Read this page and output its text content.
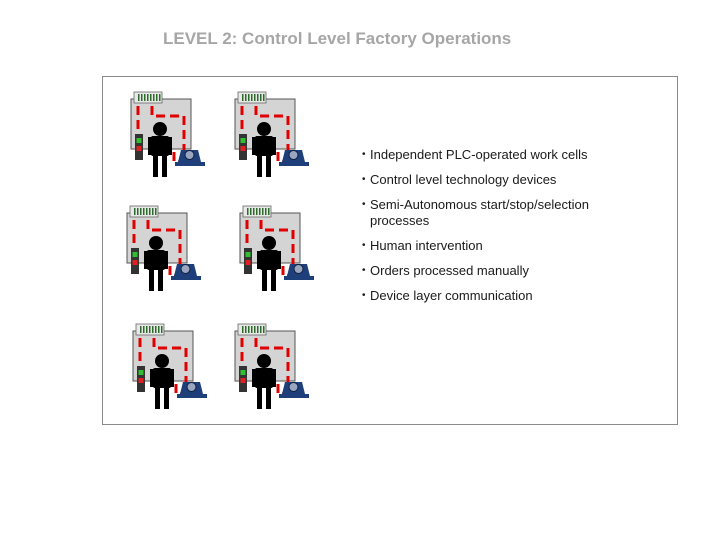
LEVEL 2: Control Level Factory Operations
• Independent PLC-operated work cells
• Control level technology devices
• Semi-Autonomous start/stop/selection processes
• Human intervention
• Orders processed manually
• Device layer communication
